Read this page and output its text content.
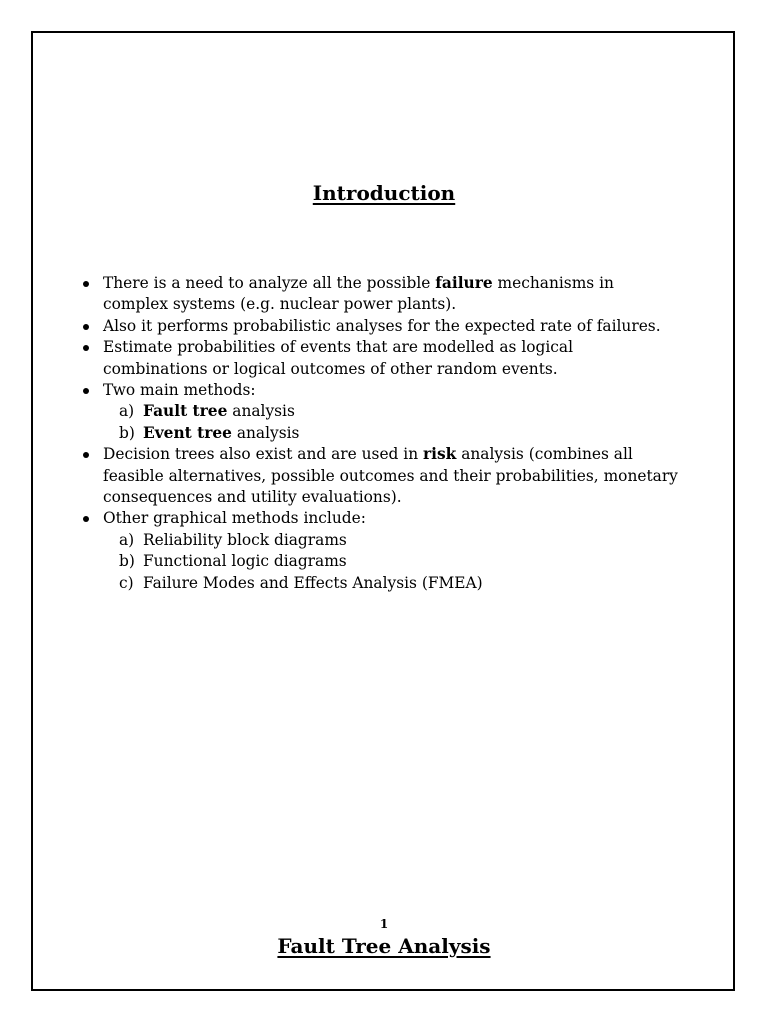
Introduction
There is a need to analyze all the possible failure mechanisms in complex systems (e.g. nuclear power plants).
Also it performs probabilistic analyses for the expected rate of failures.
Estimate probabilities of events that are modelled as logical combinations or logical outcomes of other random events.
Two main methods:
a) Fault tree analysis
b) Event tree analysis
Decision trees also exist and are used in risk analysis (combines all feasible alternatives, possible outcomes and their probabilities, monetary consequences and utility evaluations).
Other graphical methods include:
a) Reliability block diagrams
b) Functional logic diagrams
c) Failure Modes and Effects Analysis (FMEA)
1
Fault Tree Analysis
